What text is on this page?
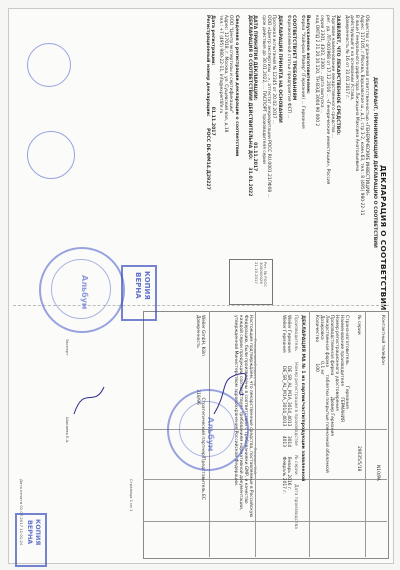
ДЕКЛАРАЦИЯ О СООТВЕТСТВИИ
ДЕКЛАРАНТ, ПРИНИМАЮЩИЙ ДЕКЛАРАЦИЮ О СООТВЕТСТВИИ
Общество с ограниченной ответственностью «ГЕНЕРИЧЕСКИЕ ИНВЕСТИЦИИ»
Адрес: 117105, г.Москва, Варшавское ш., д.1, стр.1-2, комн.63, тел.: 8 (495) 980-22-11
В лице Генерального директора Лисицына Максима Анатольевича
действующего на основании Устава,
Доверенность № 16 от 31.01.2017 г.
ЗАЯВЛЯЕТ, ЧТО ЛЕКАРСТВЕННОЕ СРЕДСТВО:
Торговое наименование лекарственного средства ...
рег. уд. ЛП-003968 от 17.12.2016 ... «Генерические инвестиции», Россия
серия 2301, 4303, 2300 ... дата выпуска ...
код ОКПД 2 21.20.10.120, ТН ВЭД 3004 90 000 2
Выпускаемое изготовителем:
Фирма "Хайнрих Майер" (Германия) ... Германия
СООТВЕТСТВУЕТ ТРЕБОВАНИЯМ
Фармакопейной статьи предприятия ФСП ...
ДЕКЛАРАЦИЯ ПРИНЯТА НА ОСНОВАНИИ
Протокол испытаний № 12345 от 20.02.2017 ...
ООО «Центр экспертизы ...», аттестат аккредитации РОСС RU.0001.21ЛФ08 ...
срок действия до 30.01.2022, ... ПАСПОРТ производителя серии
ДАТА ПРИНЯТИЯ ДЕКЛАРАЦИИ: 01.11.2017
ДЕКЛАРАЦИЯ О СООТВЕТСТВИИ ДЕЙСТВИТЕЛЬНА ДО: 31.01.2022
Сведения о регистрации декларации о соответствии
ООО "Центр экспертизы и сертификации"
Адрес: 127018, г. Москва, ул. Сущевский вал, д.18
тел.: +7 (495) 980-22-11, info@expertlife.ru
Дата регистрации: 01.11.2017
Регистрационный номер декларации: РОСС DE.ФМ14.Д29227
Генеральный директор Лисицын М.А.
Эксперт Шакаева Е.А.
Рег. № РОСС
300000026
21.10.2017
Контактный телефон
N10/PA
№ серии 29035/5/18
Страна-изготовитель Германия
Наименование производителя ГЕРМАНИЯ
Номер регистрационного удостоверения
Производственная фирма Дювер Германия
Лекарственная форма таблетки покрытые пленочной оболочкой
Дозировка 0,1 мг
Количество 100
ДЕКЛАРАЦИЯ МА № 1 из партии/части/продукции заявленной
Производитель Номер регистрации в производстве № серии Дата производства
Weiler Германия DE_SR_AL_M1A_3014_4013 3014 Январь 2016 г.
Weiler Германия DE_SR_AL_M1A_3014_4013 4013 Февраль 2017 г.
Настоящим подтверждаем, что лекарственные средства, поставляемые в Российскую
Федерацию, были произведены в соответствии с требованиями GMP, и качество
каждой серии продукции соответствует требованиям нормативной документации,
утвержденной Министерством здравоохранения Российской Федерации.
Weiler GmbH, Köln Стратегический партнер/Представитель ЕС
Доверенность 318/96
Страница 1 из 1
Дата печати 01.07.2017 11:01:24
Альбум
Альбум	КОПИЯ
ВЕРНА
КОПИЯ
ВЕРНА
